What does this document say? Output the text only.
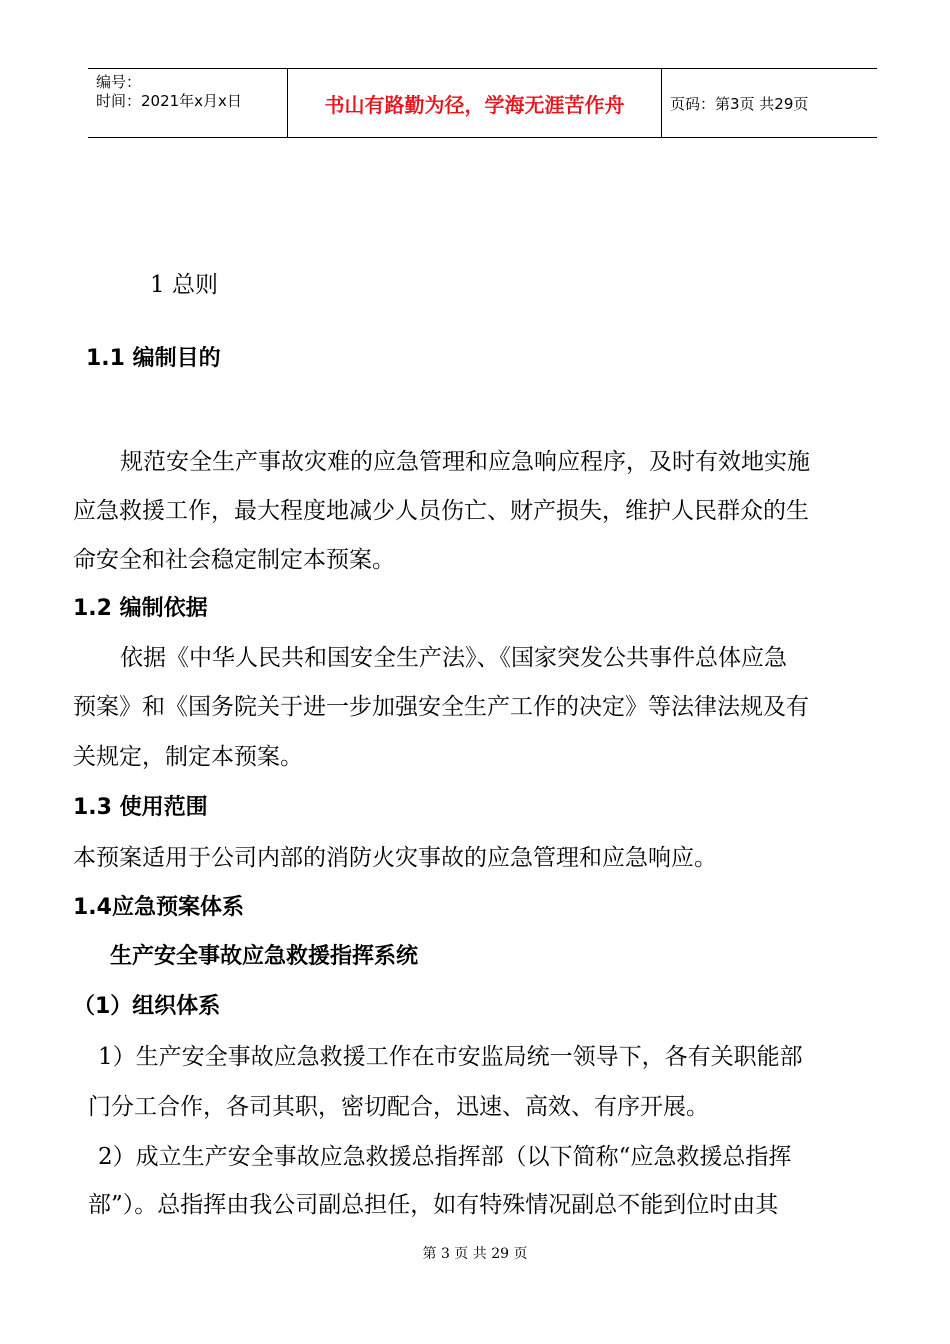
编号：
时间：2021年x月x日	书山有路勤为径，学海无涯苦作舟	页码：第3页 共29页
1 总则
1.1 编制目的
规范安全生产事故灾难的应急管理和应急响应程序，及时有效地实施
应急救援工作，最大程度地减少人员伤亡、财产损失，维护人民群众的生
命安全和社会稳定制定本预案。
1.2 编制依据
依据《中华人民共和国安全生产法》、《国家突发公共事件总体应急
预案》和《国务院关于进一步加强安全生产工作的决定》等法律法规及有
关规定，制定本预案。
1.3 使用范围
本预案适用于公司内部的消防火灾事故的应急管理和应急响应。
1.4应急预案体系
生产安全事故应急救援指挥系统
（1）组织体系
1）生产安全事故应急救援工作在市安监局统一领导下，各有关职能部
门分工合作，各司其职，密切配合，迅速、高效、有序开展。
2）成立生产安全事故应急救援总指挥部（以下简称“应急救援总指挥
部”）。总指挥由我公司副总担任，如有特殊情况副总不能到位时由其
第 3 页 共 29 页
